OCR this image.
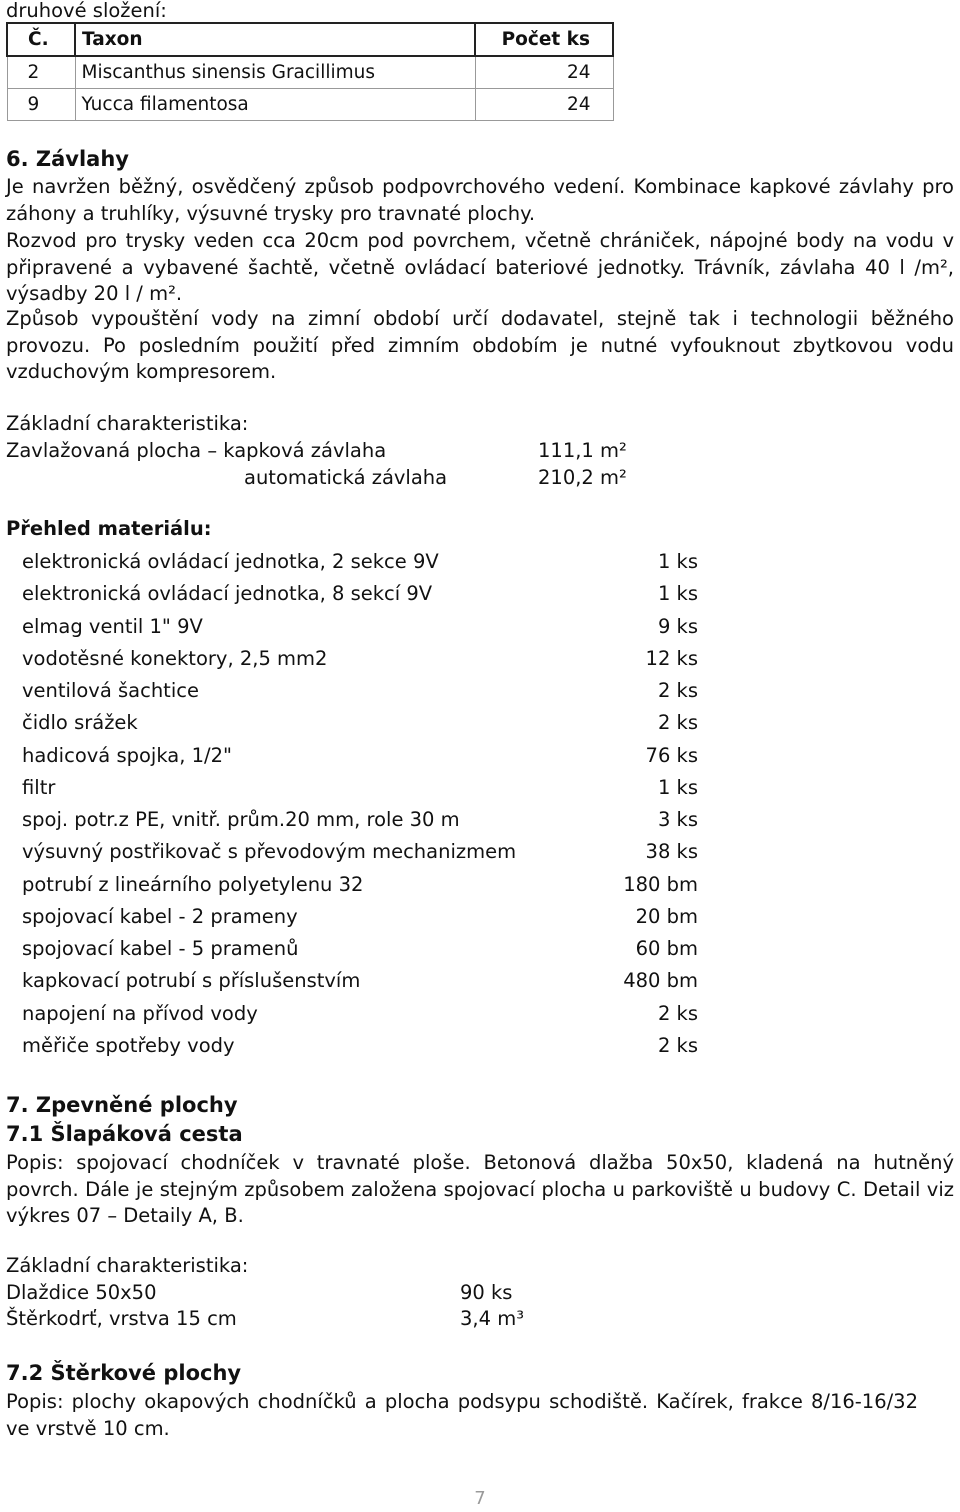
druhové složení:
Č.	Taxon	Počet ks
2	Miscanthus sinensis Gracillimus	24
9	Yucca filamentosa	24
6. Závlahy
Je navržen běžný, osvědčený způsob podpovrchového vedení. Kombinace kapkové závlahy pro záhony a truhlíky, výsuvné trysky pro travnaté plochy.
Rozvod pro trysky veden cca 20cm pod povrchem, včetně chrániček, nápojné body na vodu v připravené a vybavené šachtě, včetně ovládací bateriové jednotky. Trávník, závlaha 40 l /m², výsadby 20 l / m².
Způsob vypouštění vody na zimní období určí dodavatel, stejně tak i technologii běžného provozu. Po posledním použití před zimním obdobím je nutné vyfouknout zbytkovou vodu vzduchovým kompresorem.
Základní charakteristika:
Zavlažovaná plocha – kapková závlaha	111,1 m²
automatická závlaha	210,2 m²
Přehled materiálu:
elektronická ovládací jednotka, 2 sekce 9V	1 ks
elektronická ovládací jednotka, 8 sekcí 9V	1 ks
elmag ventil 1" 9V	9 ks
vodotěsné konektory, 2,5 mm2	12 ks
ventilová šachtice	2 ks
čidlo srážek	2 ks
hadicová spojka, 1/2"	76 ks
filtr	1 ks
spoj. potr.z PE, vnitř. prům.20 mm, role 30 m	3 ks
výsuvný postřikovač s převodovým mechanizmem	38 ks
potrubí z lineárního polyetylenu 32	180 bm
spojovací kabel - 2 prameny	20 bm
spojovací kabel - 5 pramenů	60 bm
kapkovací potrubí s příslušenstvím	480 bm
napojení na přívod vody	2 ks
měřiče spotřeby vody	2 ks
7. Zpevněné plochy
7.1 Šlapáková cesta
Popis: spojovací chodníček v travnaté ploše. Betonová dlažba 50x50, kladená na hutněný povrch. Dále je stejným způsobem založena spojovací plocha u parkoviště u budovy C. Detail viz výkres 07 – Detaily A, B.
Základní charakteristika:
Dlaždice 50x50	90 ks
Štěrkodrť, vrstva 15 cm	3,4 m³
7.2 Štěrkové plochy
Popis: plochy okapových chodníčků a plocha podsypu schodiště. Kačírek, frakce 8/16-16/32 ve vrstvě 10 cm.
7
